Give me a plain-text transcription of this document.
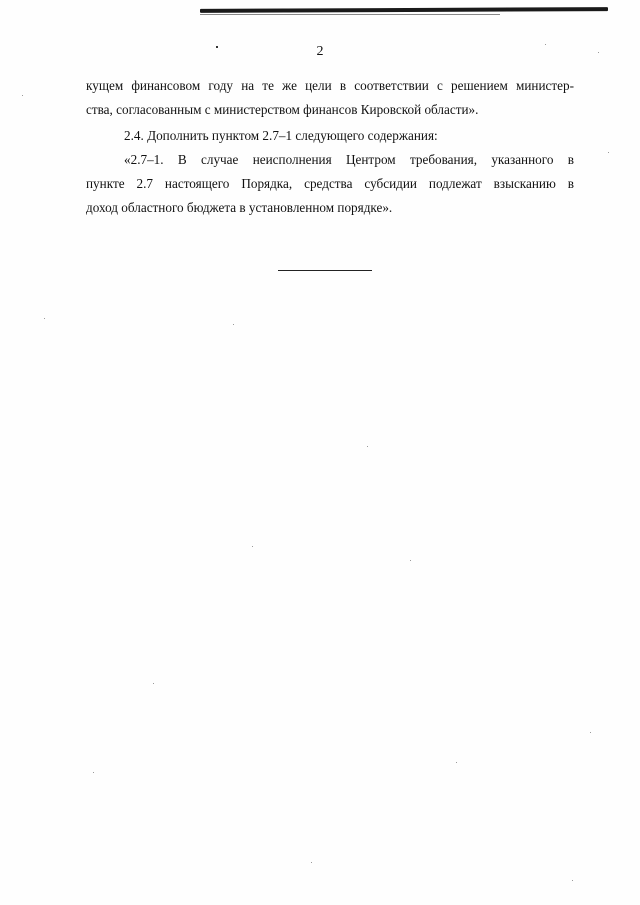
2
кущем финансовом году на те же цели в соответствии с решением министер-
ства, согласованным с министерством финансов Кировской области».
2.4. Дополнить пунктом 2.7–1 следующего содержания:
«2.7–1. В случае неисполнения Центром требования, указанного в
пункте 2.7 настоящего Порядка, средства субсидии подлежат взысканию в
доход областного бюджета в установленном порядке».
